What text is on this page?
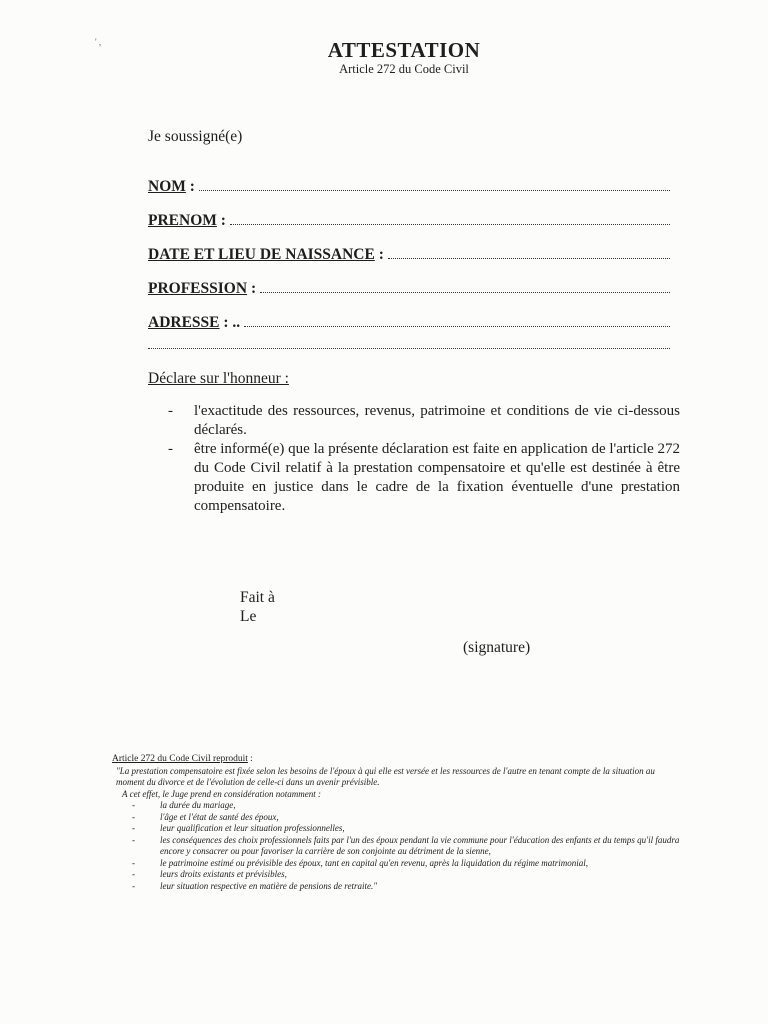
' ,	ATTESTATION
Article 272 du Code Civil
Je soussigné(e)
NOM :
PRENOM :
DATE ET LIEU DE NAISSANCE :
PROFESSION :
ADRESSE : ..
Déclare sur l'honneur :
-	l'exactitude des ressources, revenus, patrimoine et conditions de vie ci-dessous déclarés.
-	être informé(e) que la présente déclaration est faite en application de l'article 272 du Code Civil relatif à la prestation compensatoire et qu'elle est destinée à être produite en justice dans le cadre de la fixation éventuelle d'une prestation compensatoire.
Fait à
Le
(signature)

Article 272 du Code Civil reproduit :

"La prestation compensatoire est fixée selon les besoins de l'époux à qui elle est versée et les ressources de l'autre en tenant compte de la situation au moment du divorce et de l'évolution de celle-ci dans un avenir prévisible.

A cet effet, le Juge prend en considération notamment :

-	la durée du mariage,
-	l'âge et l'état de santé des époux,
-	leur qualification et leur situation professionnelles,
-	les conséquences des choix professionnels faits par l'un des époux pendant la vie commune pour l'éducation des enfants et du temps qu'il faudra encore y consacrer ou pour favoriser la carrière de son conjointe au détriment de la sienne,
-	le patrimoine estimé ou prévisible des époux, tant en capital qu'en revenu, après la liquidation du régime matrimonial,
-	leurs droits existants et prévisibles,
-	leur situation respective en matière de pensions de retraite."
